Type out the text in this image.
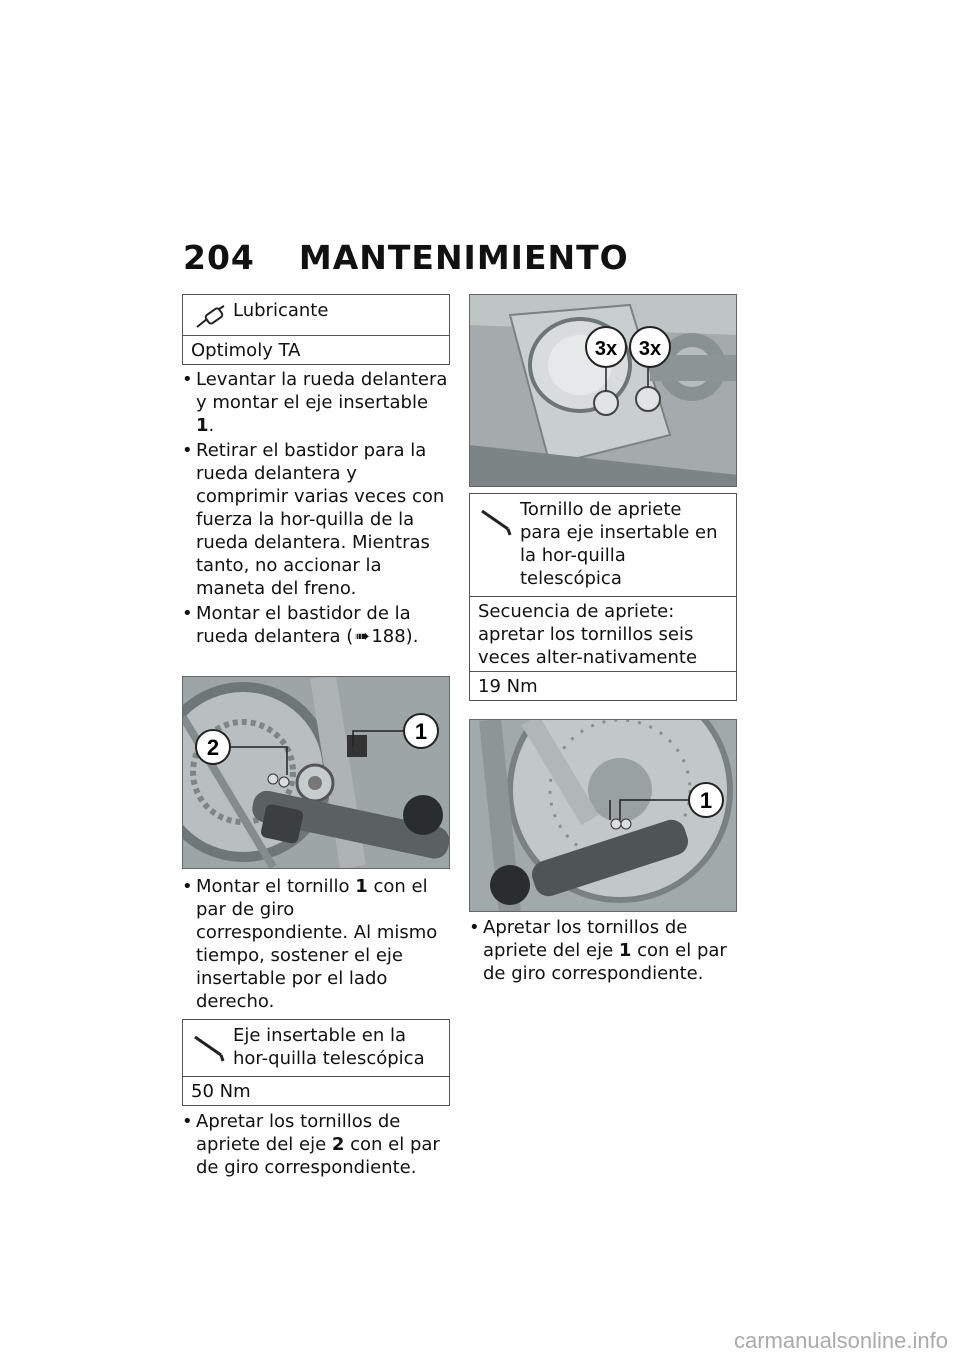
204 MANTENIMIENTO
Lubricante
Optimoly TA
• Levantar la rueda delantera y montar el eje insertable 1.
• Retirar el bastidor para la rueda delantera y comprimir varias veces con fuerza la hor-quilla de la rueda delantera. Mientras tanto, no accionar la maneta del freno.
• Montar el bastidor de la rueda delantera (➠188).
2
1
• Montar el tornillo 1 con el par de giro correspondiente. Al mismo tiempo, sostener el eje insertable por el lado derecho.
Eje insertable en la hor-quilla telescópica
50 Nm
• Apretar los tornillos de apriete del eje 2 con el par de giro correspondiente.
3x 3x
Tornillo de apriete para eje insertable en la hor-quilla telescópica
Secuencia de apriete: apretar los tornillos seis veces alter-nativamente
19 Nm
1
• Apretar los tornillos de apriete del eje 1 con el par de giro correspondiente.
carmanualsonline.info
